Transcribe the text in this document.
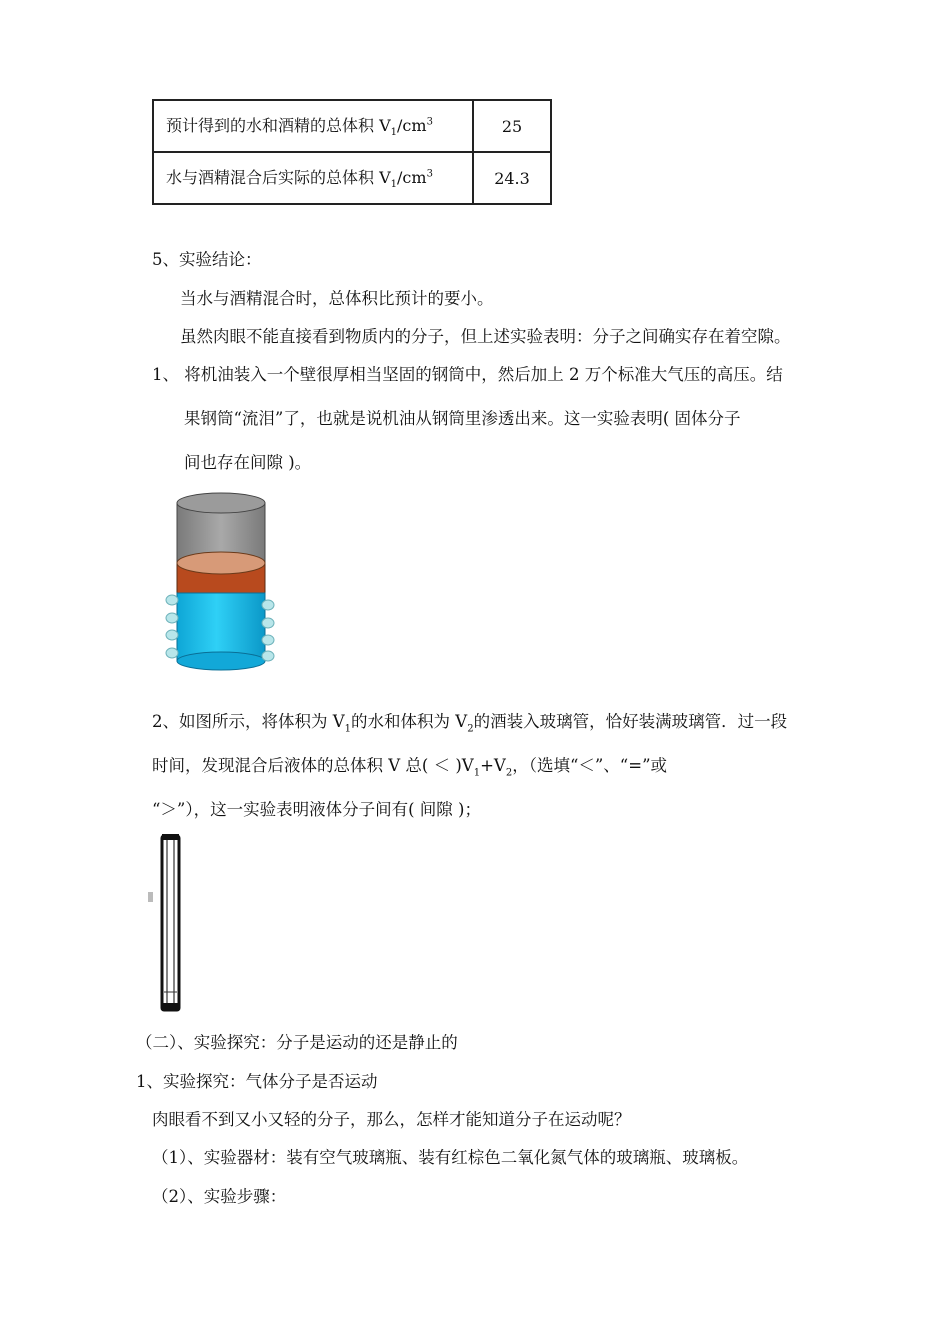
预计得到的水和酒精的总体积 $V_1/cm^3$	25
水与酒精混合后实际的总体积 $V_1/cm^3$	24.3
5、实验结论：
当水与酒精混合时，总体积比预计的要小。
虽然肉眼不能直接看到物质内的分子，但上述实验表明：分子之间确实存在着空隙。
1、 将机油装入一个壁很厚相当坚固的钢筒中，然后加上 2 万个标准大气压的高压。结
果钢筒“流泪”了，也就是说机油从钢筒里渗透出来。这一实验表明( 固体分子
间也存在间隙 )。
2、如图所示，将体积为 $V_1$的水和体积为 $V_2$的酒装入玻璃管，恰好装满玻璃管．过一段
时间，发现混合后液体的总体积 V 总( ＜ )$V_1+V_2$，（选填“＜”、“=”或
“＞”），这一实验表明液体分子间有( 间隙 )；
（二）、实验探究：分子是运动的还是静止的
1、实验探究：气体分子是否运动
肉眼看不到又小又轻的分子，那么，怎样才能知道分子在运动呢？
（1）、实验器材：装有空气玻璃瓶、装有红棕色二氧化氮气体的玻璃瓶、玻璃板。
（2）、实验步骤：
